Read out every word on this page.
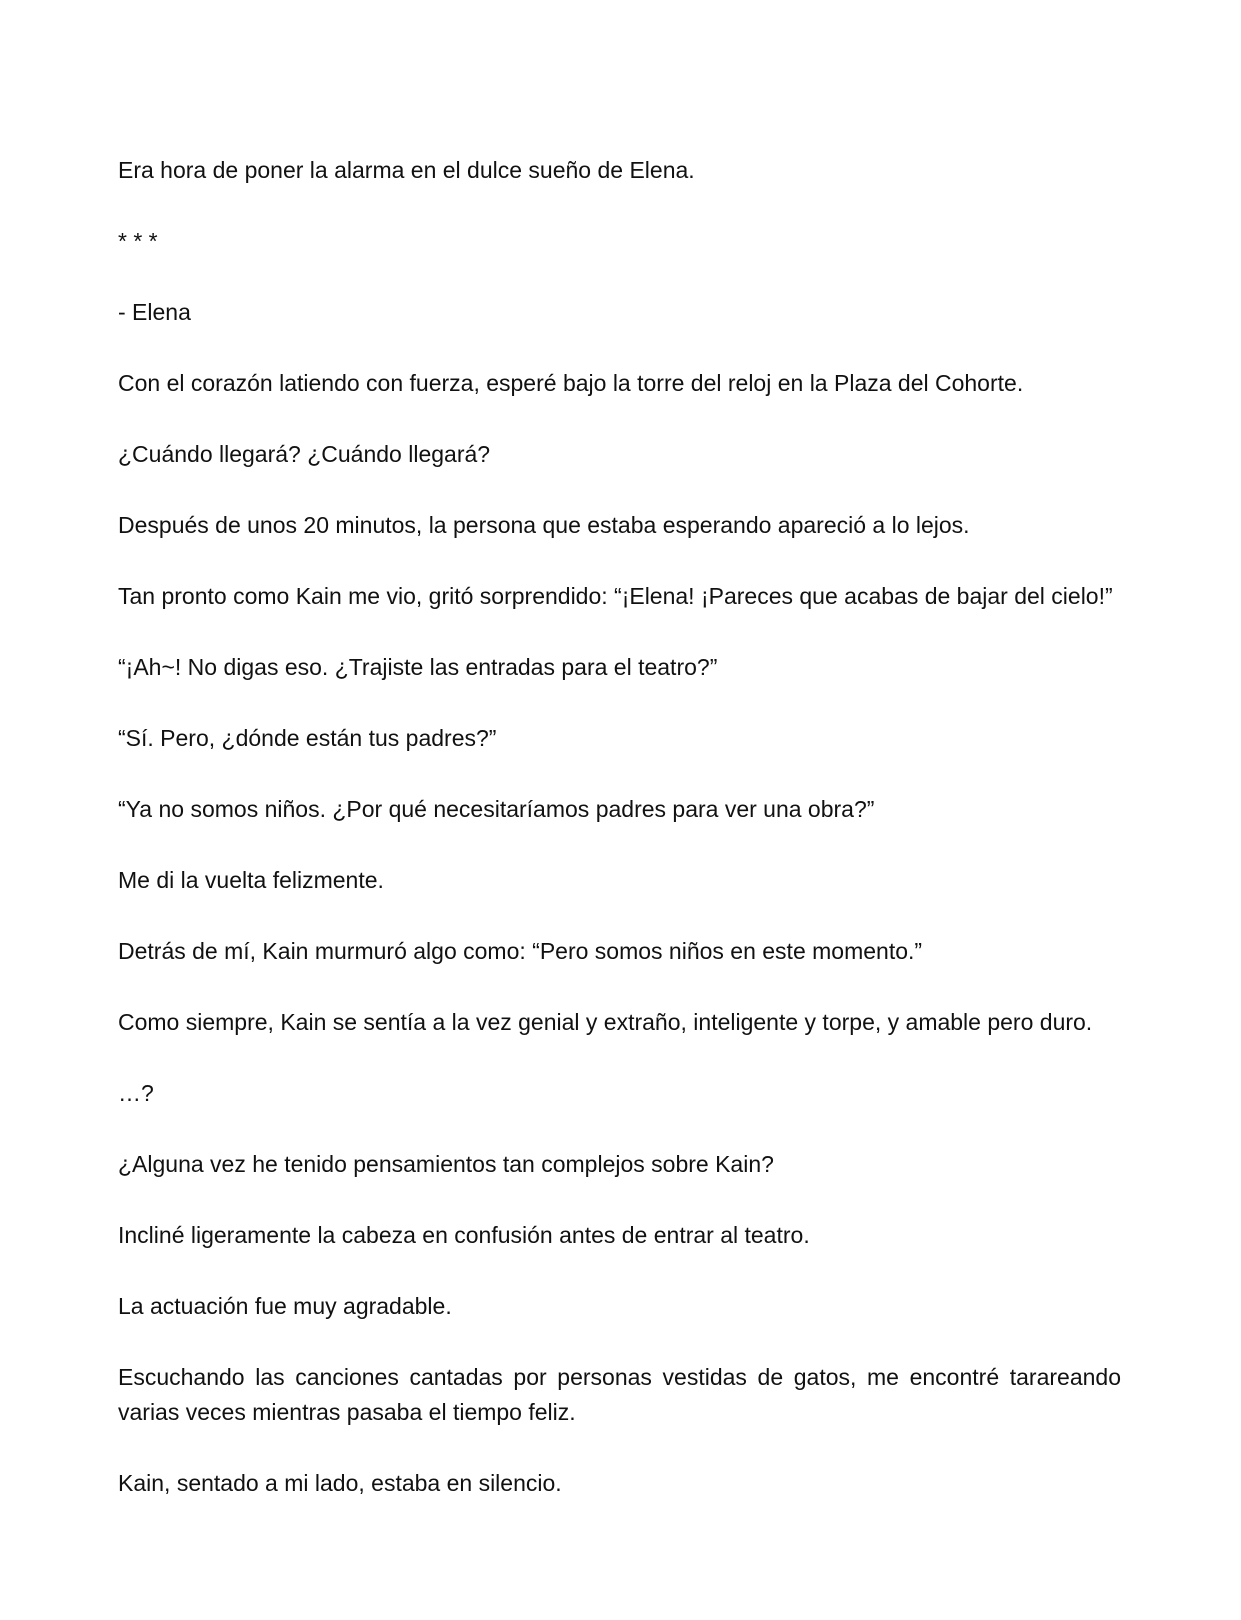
Era hora de poner la alarma en el dulce sueño de Elena.

* * *

- Elena

Con el corazón latiendo con fuerza, esperé bajo la torre del reloj en la Plaza del Cohorte.

¿Cuándo llegará? ¿Cuándo llegará?

Después de unos 20 minutos, la persona que estaba esperando apareció a lo lejos.

Tan pronto como Kain me vio, gritó sorprendido: “¡Elena! ¡Pareces que acabas de bajar del cielo!”

“¡Ah~! No digas eso. ¿Trajiste las entradas para el teatro?”

“Sí. Pero, ¿dónde están tus padres?”

“Ya no somos niños. ¿Por qué necesitaríamos padres para ver una obra?”

Me di la vuelta felizmente.

Detrás de mí, Kain murmuró algo como: “Pero somos niños en este momento.”

Como siempre, Kain se sentía a la vez genial y extraño, inteligente y torpe, y amable pero duro.

…?

¿Alguna vez he tenido pensamientos tan complejos sobre Kain?

Incliné ligeramente la cabeza en confusión antes de entrar al teatro.

La actuación fue muy agradable.

Escuchando las canciones cantadas por personas vestidas de gatos, me encontré tarareando varias veces mientras pasaba el tiempo feliz.

Kain, sentado a mi lado, estaba en silencio.
